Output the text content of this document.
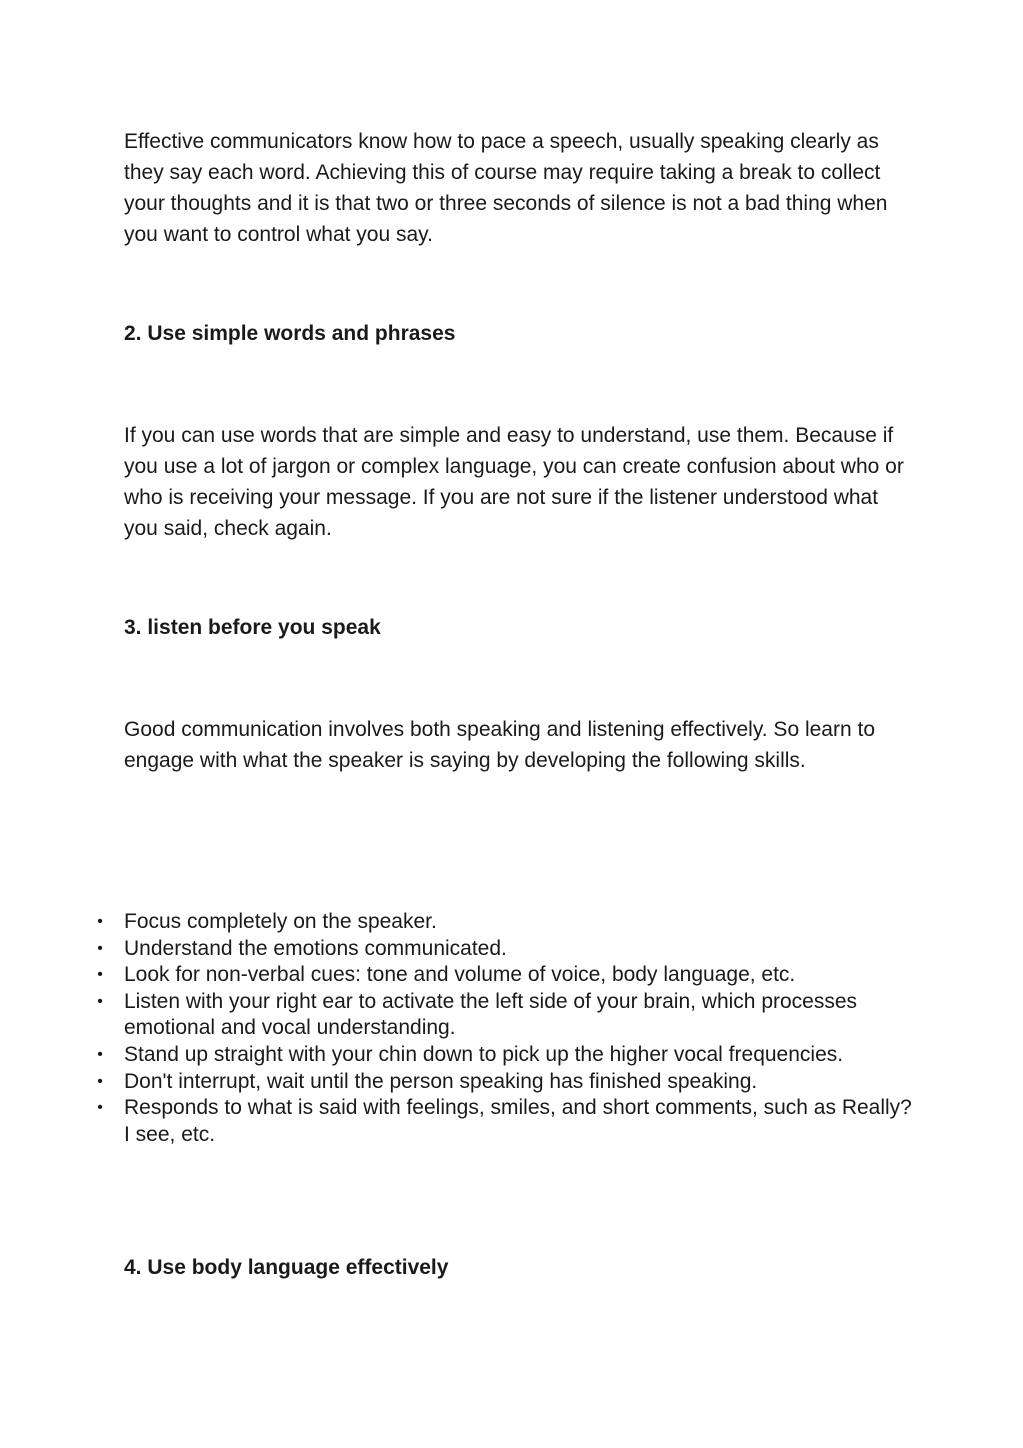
Effective communicators know how to pace a speech, usually speaking clearly as they say each word. Achieving this of course may require taking a break to collect your thoughts and it is that two or three seconds of silence is not a bad thing when you want to control what you say.

2. Use simple words and phrases

If you can use words that are simple and easy to understand, use them. Because if you use a lot of jargon or complex language, you can create confusion about who or who is receiving your message. If you are not sure if the listener understood what you said, check again.

3. listen before you speak

Good communication involves both speaking and listening effectively. So learn to engage with what the speaker is saying by developing the following skills.

• Focus completely on the speaker.
• Understand the emotions communicated.
• Look for non-verbal cues: tone and volume of voice, body language, etc.
• Listen with your right ear to activate the left side of your brain, which processes emotional and vocal understanding.
• Stand up straight with your chin down to pick up the higher vocal frequencies.
• Don't interrupt, wait until the person speaking has finished speaking.
• Responds to what is said with feelings, smiles, and short comments, such as Really? I see, etc.
4. Use body language effectively
